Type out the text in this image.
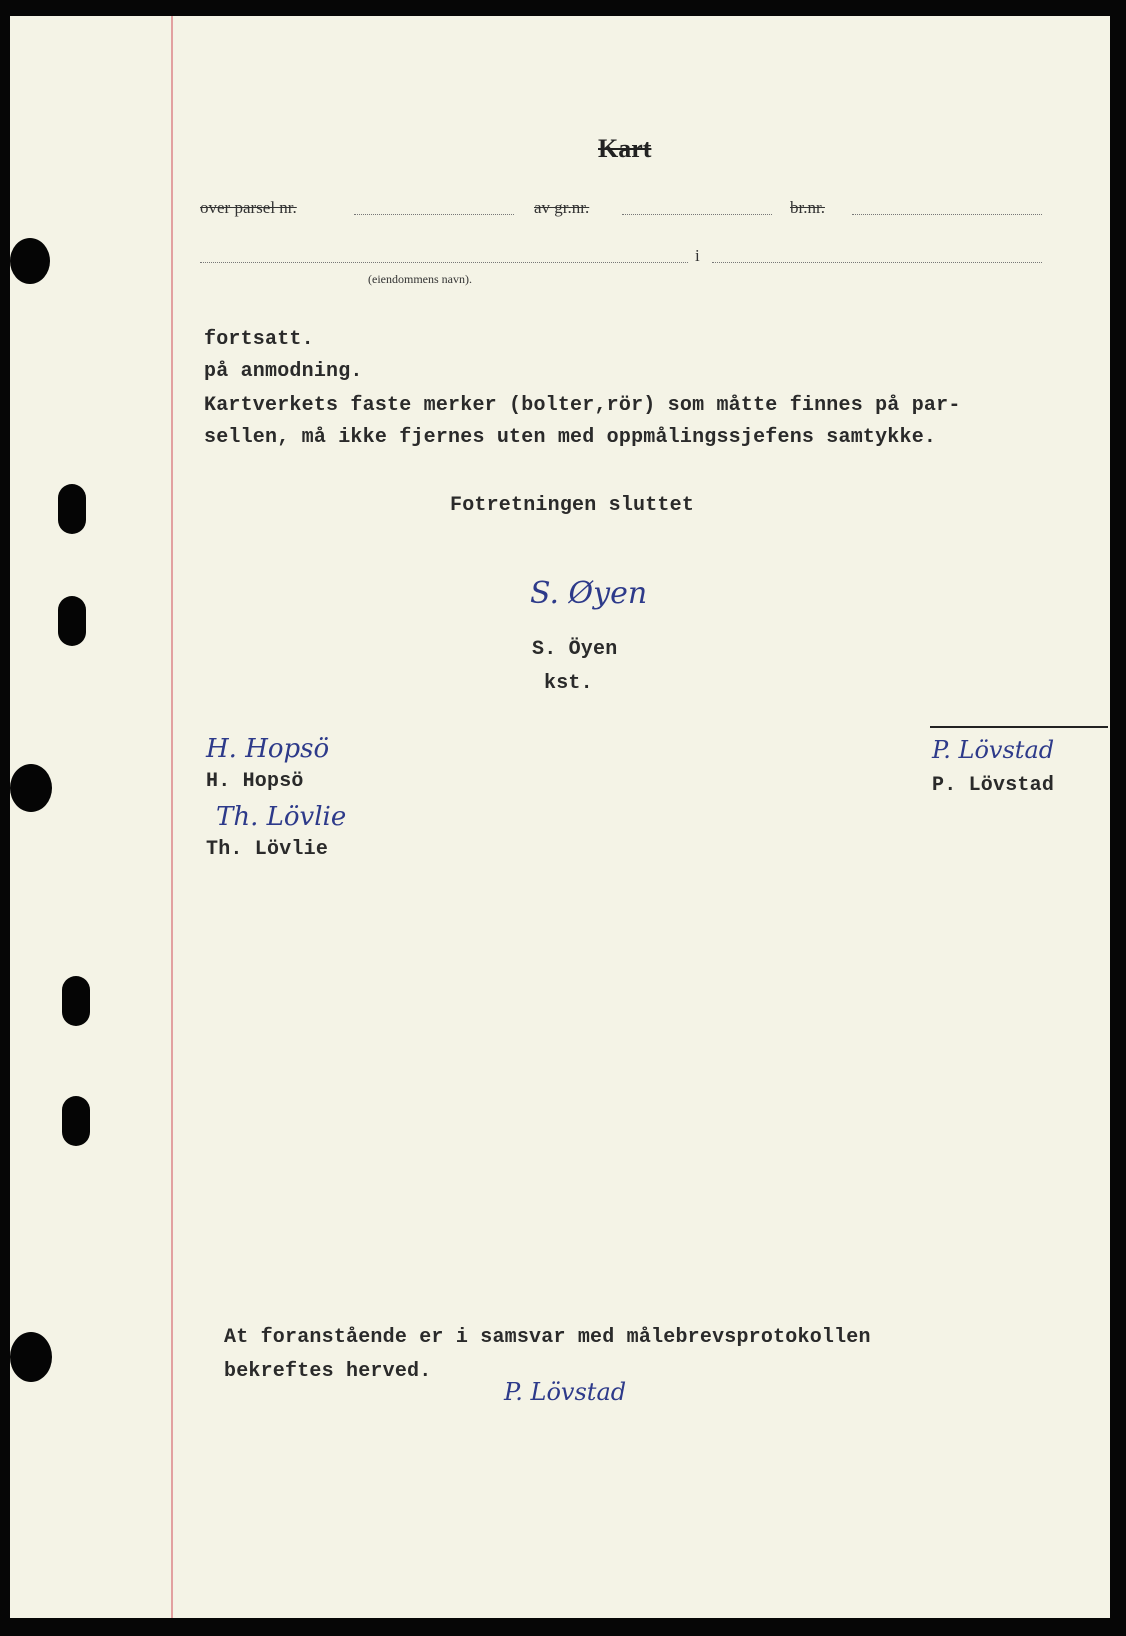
Kart
over parsel nr.	av gr.nr.	br.nr.
i
(eiendommens navn).
fortsatt.
på anmodning.
Kartverkets faste merker (bolter,rör) som måtte finnes på par-
sellen, må ikke fjernes uten med oppmålingssjefens samtykke.
Fotretningen sluttet
S. Øyen
S. Öyen
kst.
H. Hopsö
H. Hopsö
Th. Lövlie
Th. Lövlie
P. Lövstad
P. Lövstad
At foranstående er i samsvar med målebrevsprotokollen
bekreftes herved.
P. Lövstad
